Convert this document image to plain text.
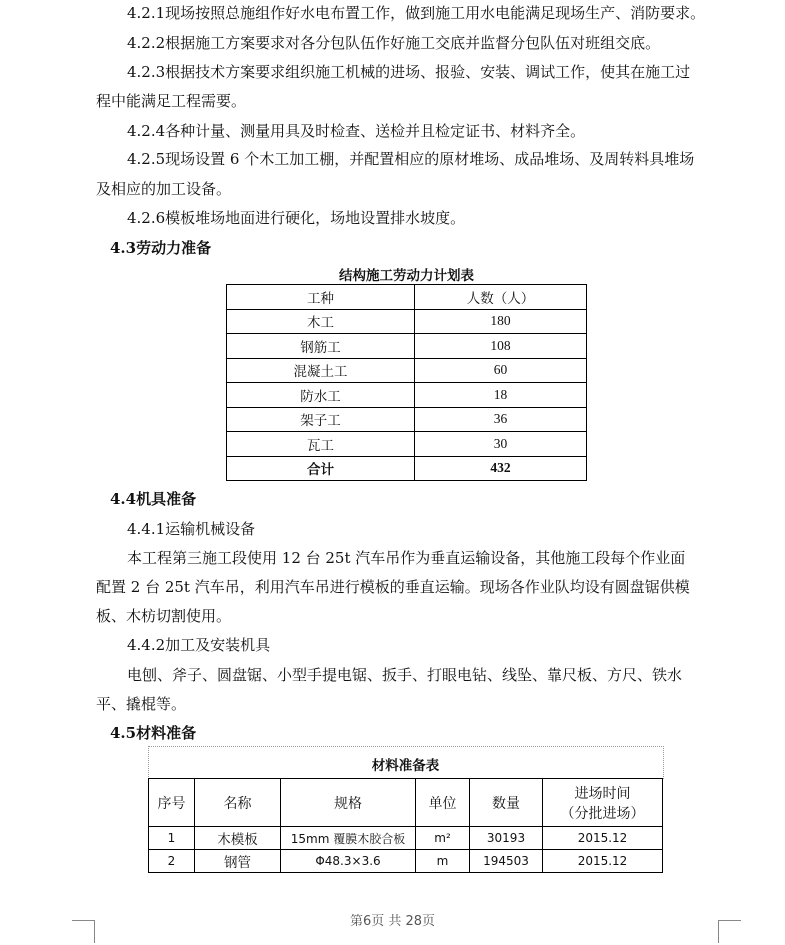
4.2.1现场按照总施组作好水电布置工作，做到施工用水电能满足现场生产、消防要求。
4.2.2根据施工方案要求对各分包队伍作好施工交底并监督分包队伍对班组交底。
4.2.3根据技术方案要求组织施工机械的进场、报验、安装、调试工作，使其在施工过
程中能满足工程需要。
4.2.4各种计量、测量用具及时检查、送检并且检定证书、材料齐全。
4.2.5现场设置 6 个木工加工棚，并配置相应的原材堆场、成品堆场、及周转料具堆场
及相应的加工设备。
4.2.6模板堆场地面进行硬化，场地设置排水坡度。
4.3劳动力准备
结构施工劳动力计划表
工种	人数（人）
木工	180
钢筋工	108
混凝土工	60
防水工	18
架子工	36
瓦工	30
合计	432
4.4机具准备
4.4.1运输机械设备
本工程第三施工段使用 12 台 25t 汽车吊作为垂直运输设备，其他施工段每个作业面
配置 2 台 25t 汽车吊，利用汽车吊进行模板的垂直运输。现场各作业队均设有圆盘锯供模
板、木枋切割使用。
4.4.2加工及安装机具
电刨、斧子、圆盘锯、小型手提电锯、扳手、打眼电钻、线坠、靠尺板、方尺、铁水
平、撬棍等。
4.5材料准备
材料准备表
序号	名称	规格	单位	数量	进场时间
（分批进场）

1	木模板	15mm 覆膜木胶合板	m²	30193	2015.12
2	钢管	Φ48.3×3.6	m	194503	2015.12
第6页 共 28页
